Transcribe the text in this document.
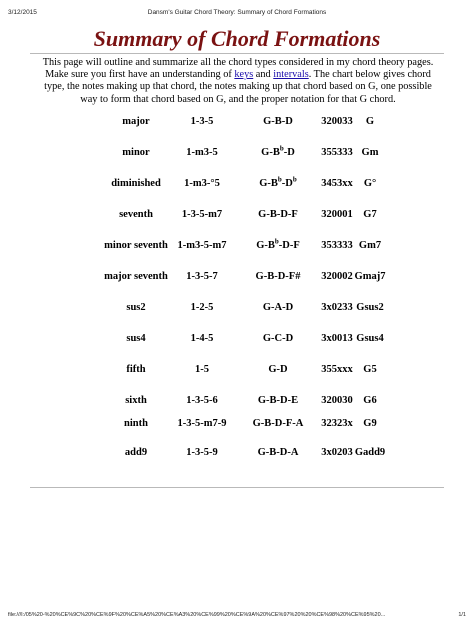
3/12/2015	Dansm's Guitar Chord Theory: Summary of Chord Formations
Summary of Chord Formations
This page will outline and summarize all the chord types considered in my chord theory pages. Make sure you first have an understanding of keys and intervals. The chart below gives chord type, the notes making up that chord, the notes making up that chord based on G, one possible way to form that chord based on G, and the proper notation for that G chord.
major	1-3-5	G-B-D	320033	G
minor	1-m3-5	$G-B^b-D$	355333 Gm
diminished	1-m3-°5	$G-B^b-D^b$	3453xx	G°
seventh	1-3-5-m7	G-B-D-F	320001	G7
minor seventh 1-m3-5-m7	$G-B^b-D-F$	353333 Gm7
major seventh	1-3-5-7	G-B-D-F#	320002 Gmaj7
sus2	1-2-5	G-A-D	3x0233 Gsus2
sus4	1-4-5	G-C-D	3x0013 Gsus4
fifth	1-5	G-D	355xxx	G5
sixth	1-3-5-6	G-B-D-E	320030	G6
ninth	1-3-5-m7-9	G-B-D-F-A	32323x	G9
add9	1-3-5-9	G-B-D-A	3x0203 Gadd9
file:///I:/05%20-%20%CE%9C%20%CE%9F%20%CE%A5%20%CE%A3%20%CE%99%20%CE%9A%20%CE%97%20%20%CE%98%20%CE%95%20...	1/1
